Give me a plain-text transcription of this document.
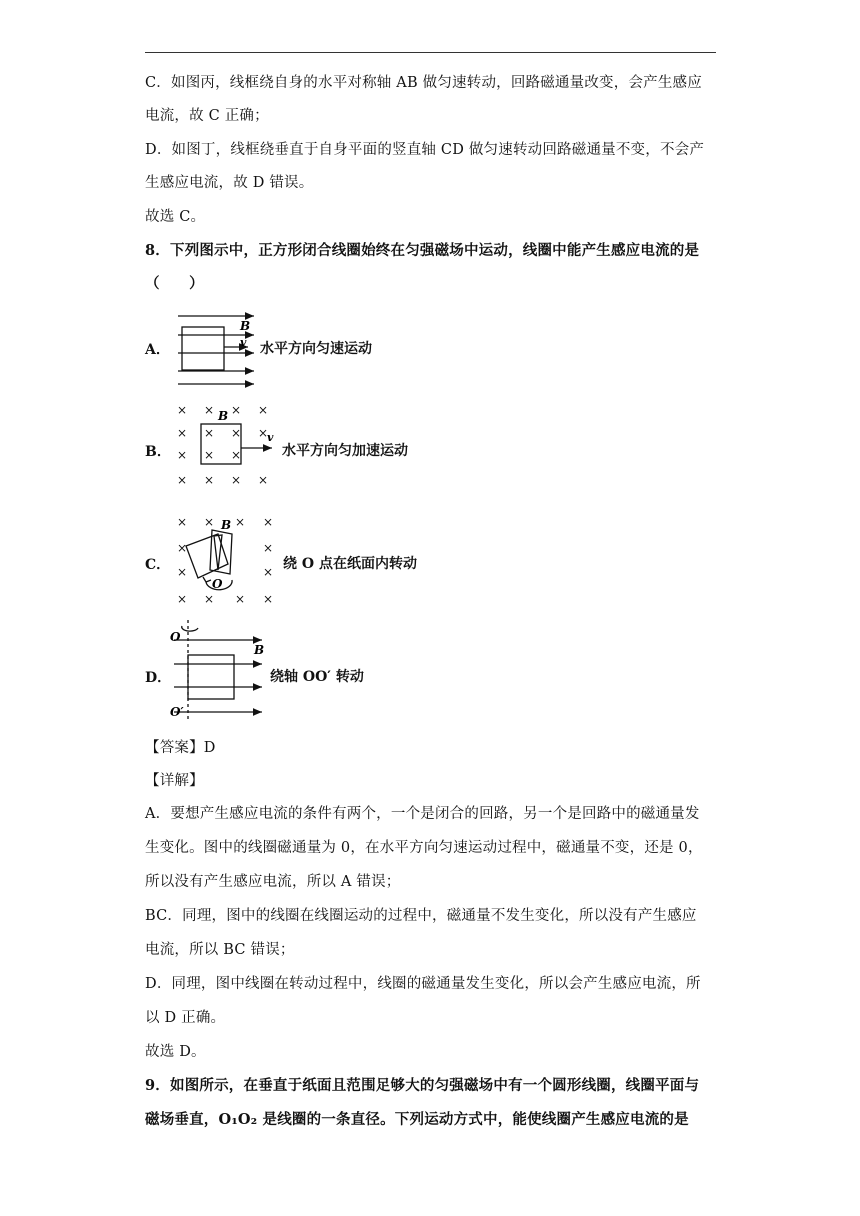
C．如图丙，线框绕自身的水平对称轴 AB 做匀速转动，回路磁通量改变，会产生感应
电流，故 C 正确；
D．如图丁，线框绕垂直于自身平面的竖直轴 CD 做匀速转动回路磁通量不变，不会产
生感应电流，故 D 错误。
故选 C。
8．下列图示中，正方形闭合线圈始终在匀强磁场中运动，线圈中能产生感应电流的是
（　　）
A．
B
v 水平方向匀速运动
B．
× × × ×
× × × ×
× × ×
× × × ×
B
v
水平方向匀加速运动
C．
× × × ×
×	×
×	×
× × × ×
B
O
绕 O 点在纸面内转动
D．
O
B
O′
绕轴 OO′ 转动
【答案】D
【详解】
A．要想产生感应电流的条件有两个，一个是闭合的回路，另一个是回路中的磁通量发
生变化。图中的线圈磁通量为 0，在水平方向匀速运动过程中，磁通量不变，还是 0，
所以没有产生感应电流，所以 A 错误；
BC．同理，图中的线圈在线圈运动的过程中，磁通量不发生变化，所以没有产生感应
电流，所以 BC 错误；
D．同理，图中线圈在转动过程中，线圈的磁通量发生变化，所以会产生感应电流，所
以 D 正确。
故选 D。
9．如图所示，在垂直于纸面且范围足够大的匀强磁场中有一个圆形线圈，线圈平面与
磁场垂直，O₁O₂ 是线圈的一条直径。下列运动方式中，能使线圈产生感应电流的是
